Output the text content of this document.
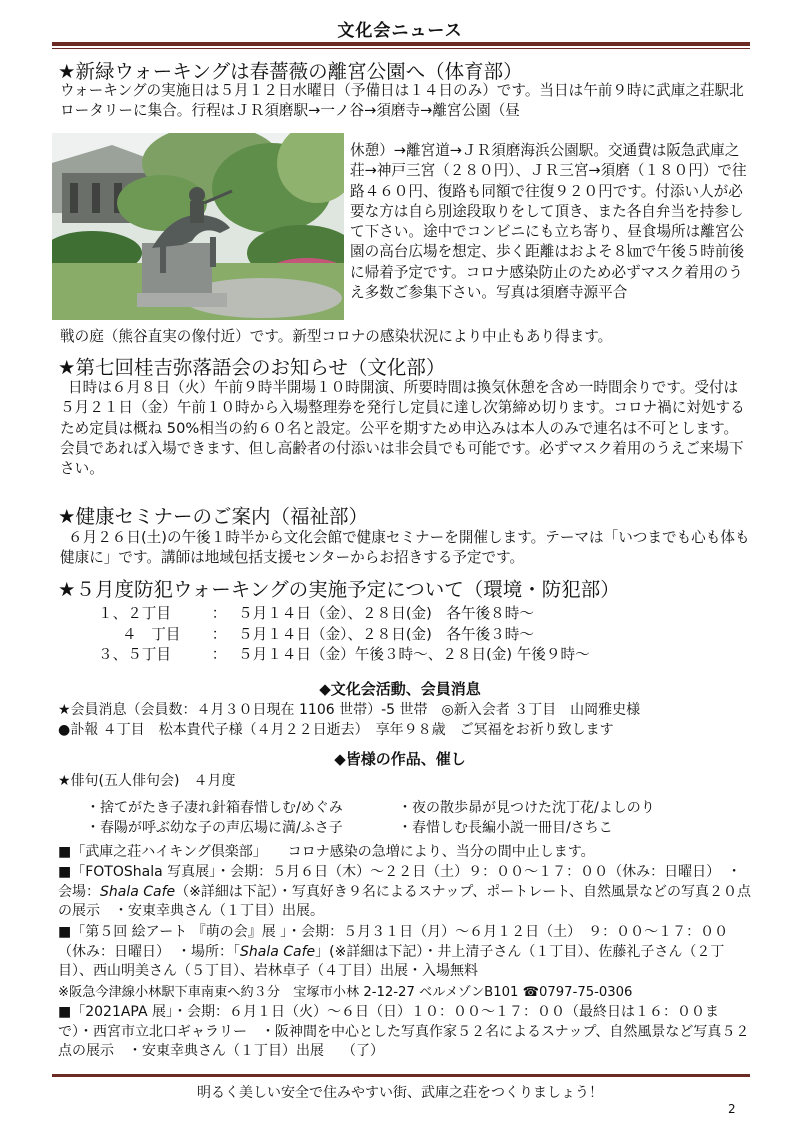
文化会ニュース
★新緑ウォーキングは春薔薇の離宮公園へ（体育部）

ウォーキングの実施日は５月１２日水曜日（予備日は１４日のみ）です。当日は午前９時に武庫之荘駅北ロータリーに集合。行程はＪＲ須磨駅→一ノ谷→須磨寺→離宮公園（昼

休憩）→離宮道→ＪＲ須磨海浜公園駅。交通費は阪急武庫之荘→神戸三宮（２８０円）、ＪＲ三宮→須磨（１８０円）で往路４６０円、復路も同額で往復９２０円です。付添い人が必要な方は自ら別途段取りをして頂き、また各自弁当を持参して下さい。途中でコンビニにも立ち寄り、昼食場所は離宮公園の高台広場を想定、歩く距離はおよそ８㎞で午後５時前後に帰着予定です。コロナ感染防止のため必ずマスク着用のうえ多数ご参集下さい。写真は須磨寺源平合

戦の庭（熊谷直実の像付近）です。新型コロナの感染状況により中止もあり得ます。

★第七回桂吉弥落語会のお知らせ（文化部）

日時は６月８日（火）午前９時半開場１０時開演、所要時間は換気休憩を含め一時間余りです。受付は５月２１日（金）午前１０時から入場整理券を発行し定員に達し次第締め切ります。コロナ禍に対処するため定員は概ね 50%相当の約６０名と設定。公平を期すため申込みは本人のみで連名は不可とします。会員であれば入場できます、但し高齢者の付添いは非会員でも可能です。必ずマスク着用のうえご来場下さい。

★健康セミナーのご案内（福祉部）

６月２６日(土)の午後１時半から文化会館で健康セミナーを開催します。テーマは「いつまでも心も体も健康に」です。講師は地域包括支援センターからお招きする予定です。

★５月度防犯ウォーキングの実施予定について（環境・防犯部）
１、２丁目	： ５月１４日（金）、２８日(金)　各午後８時～
４　丁目	： ５月１４日（金）、２８日(金)　各午後３時～
３、５丁目	： ５月１４日（金）午後３時～、２８日(金) 午後９時～
◆文化会活動、会員消息
★会員消息（会員数：４月３０日現在 1106 世帯）-5 世帯　◎新入会者 ３丁目　山岡雅史様
●訃報 ４丁目　松本貴代子様（４月２２日逝去）　享年９８歳　ご冥福をお祈り致します
◆皆様の作品、催し
★俳句(五人俳句会)　４月度
・捨てがたき子凄れ針箱春惜しむ/めぐみ	・夜の散歩昴が見つけた沈丁花/よしのり
・春陽が呼ぶ幼な子の声広場に満/ふさ子	・春惜しむ長編小説一冊目/さちこ
■「武庫之荘ハイキング倶楽部」　　コロナ感染の急増により、当分の間中止します。

■「FOTOShala 写真展」・会期：５月６日（木）～２２日（土）９：００～１７：００（休み：日曜日）　・会場：Shala Cafe（※詳細は下記）・写真好き９名によるスナップ、ポートレート、自然風景などの写真２０点の展示　・安東幸典さん（１丁目）出展。

■「第５回 絵アート 『萌の会』展 」・会期：５月３１日（月）～６月１２日（土）　９：００～１７：００（休み：日曜日）　・場所：「Shala Cafe」(※詳細は下記）・井上清子さん（１丁目）、佐藤礼子さん（２丁目）、西山明美さん（５丁目）、岩林卓子（４丁目）出展・入場無料

※阪急今津線小林駅下車南東へ約３分　宝塚市小林 2-12-27 ベルメゾンB101 ☎0797-75-0306

■「2021APA 展」・会期：６月１日（火）～６日（日）１０：００～１７：００（最終日は１６：００まで）・西宮市立北口ギャラリー　・阪神間を中心とした写真作家５２名によるスナップ、自然風景など写真５２点の展示　・安東幸典さん（１丁目）出展 （了）

明るく美しい安全で住みやすい街、武庫之荘をつくりましょう！
2
